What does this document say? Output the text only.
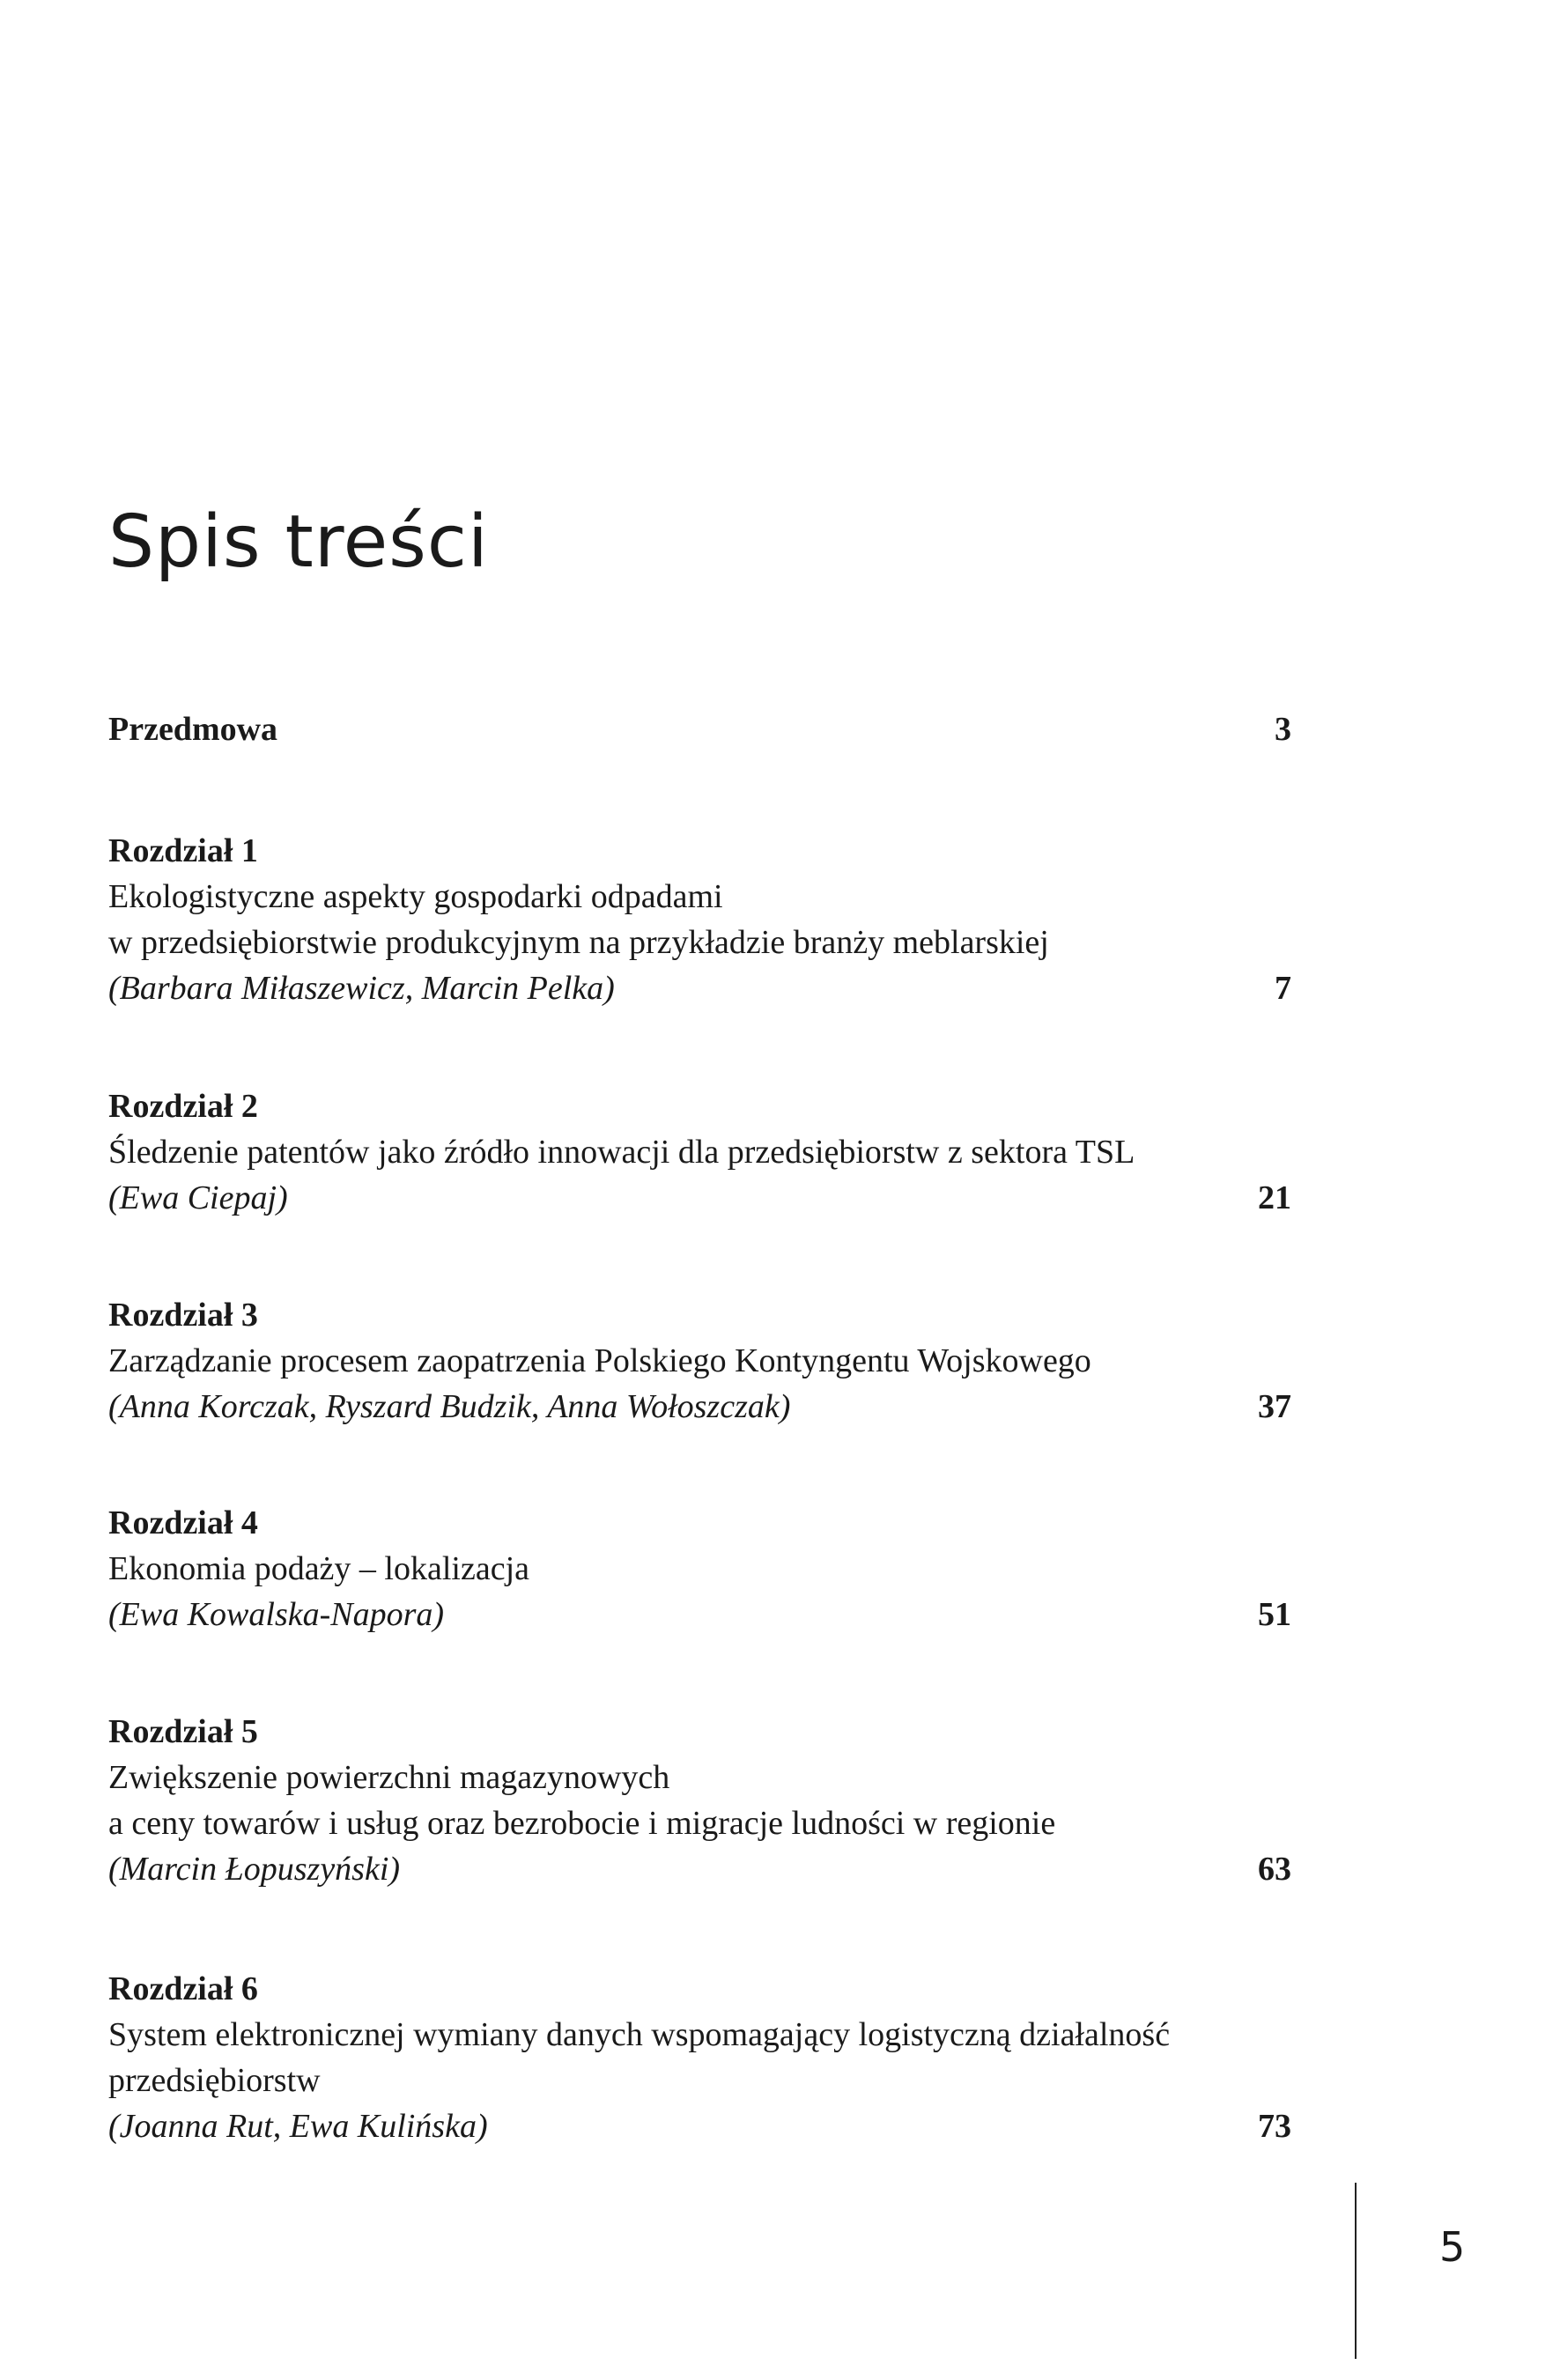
Spis treści
Przedmowa	3
Rozdział 1
Ekologistyczne aspekty gospodarki odpadami
w przedsiębiorstwie produkcyjnym na przykładzie branży meblarskiej
(Barbara Miłaszewicz, Marcin Pelka)	7
Rozdział 2
Śledzenie patentów jako źródło innowacji dla przedsiębiorstw z sektora TSL
(Ewa Ciepaj)	21
Rozdział 3
Zarządzanie procesem zaopatrzenia Polskiego Kontyngentu Wojskowego
(Anna Korczak, Ryszard Budzik, Anna Wołoszczak)	37
Rozdział 4
Ekonomia podaży – lokalizacja
(Ewa Kowalska-Napora)	51
Rozdział 5
Zwiększenie powierzchni magazynowych
a ceny towarów i usług oraz bezrobocie i migracje ludności w regionie
(Marcin Łopuszyński)	63
Rozdział 6
System elektronicznej wymiany danych wspomagający logistyczną działalność
przedsiębiorstw
(Joanna Rut, Ewa Kulińska)	73
5
